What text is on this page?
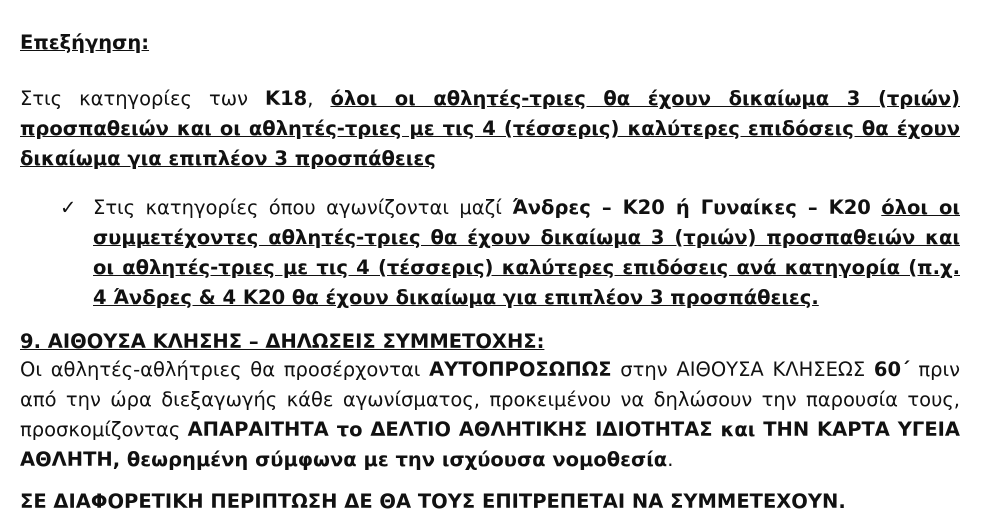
Επεξήγηση:
Στις κατηγορίες των Κ18, όλοι οι αθλητές-τριες θα έχουν δικαίωμα 3 (τριών) προσπαθειών και οι αθλητές-τριες με τις 4 (τέσσερις) καλύτερες επιδόσεις θα έχουν δικαίωμα για επιπλέον 3 προσπάθειες
✓ Στις κατηγορίες όπου αγωνίζονται μαζί Άνδρες – Κ20 ή Γυναίκες – Κ20 όλοι οι συμμετέχοντες αθλητές-τριες θα έχουν δικαίωμα 3 (τριών) προσπαθειών και οι αθλητές-τριες με τις 4 (τέσσερις) καλύτερες επιδόσεις ανά κατηγορία (π.χ. 4 Άνδρες & 4 Κ20 θα έχουν δικαίωμα για επιπλέον 3 προσπάθειες.
9. ΑΙΘΟΥΣΑ ΚΛΗΣΗΣ – ΔΗΛΩΣΕΙΣ ΣΥΜΜΕΤΟΧΗΣ:
Οι αθλητές-αθλήτριες θα προσέρχονται ΑΥΤΟΠΡΟΣΩΠΩΣ στην ΑΙΘΟΥΣΑ ΚΛΗΣΕΩΣ 60΄ πριν από την ώρα διεξαγωγής κάθε αγωνίσματος, προκειμένου να δηλώσουν την παρουσία τους, προσκομίζοντας ΑΠΑΡΑΙΤΗΤΑ το ΔΕΛΤΙΟ ΑΘΛΗΤΙΚΗΣ ΙΔΙΟΤΗΤΑΣ και ΤΗΝ ΚΑΡΤΑ ΥΓΕΙΑ ΑΘΛΗΤΗ, θεωρημένη σύμφωνα με την ισχύουσα νομοθεσία.
ΣΕ ΔΙΑΦΟΡΕΤΙΚΗ ΠΕΡΙΠΤΩΣΗ ΔΕ ΘΑ ΤΟΥΣ ΕΠΙΤΡΕΠΕΤΑΙ ΝΑ ΣΥΜΜΕΤΕΧΟΥΝ.
